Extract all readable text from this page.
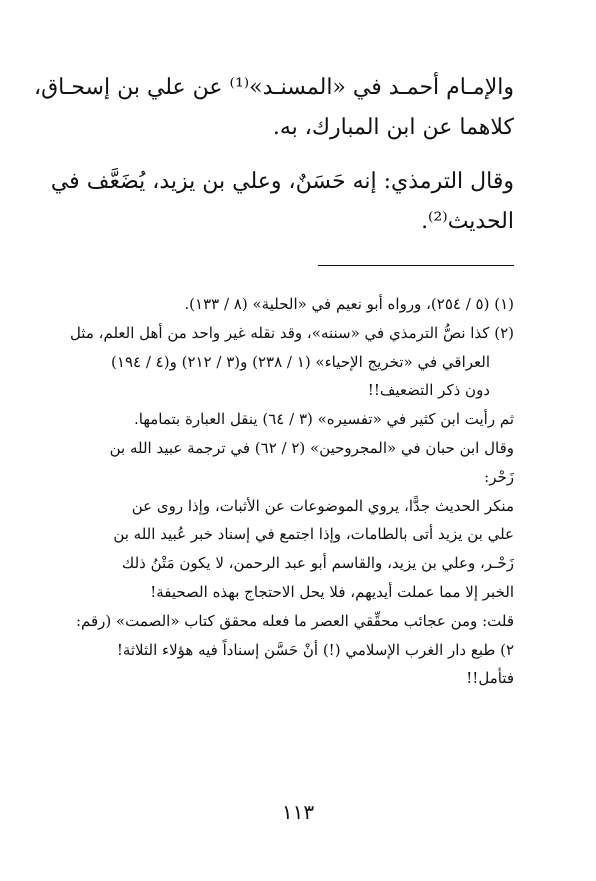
والإمـام أحمـد في «المسنـد»⁽¹⁾ عن علي بن إسحـاق،
كلاهما عن ابن المبارك، به.
وقال الترمذي: إنه حَسَنٌ، وعلي بن يزيد، يُضَعَّف في
الحديث⁽²⁾.
(١) (٥ / ٢٥٤)، ورواه أبو نعيم في «الحلية» (٨ / ١٣٣).
(٢) كذا نصُّ الترمذي في «سننه»، وقد نقله غير واحد من أهل العلم، مثل
العراقي في «تخريج الإحياء» (١ / ٢٣٨) و(٣ / ٢١٢) و(٤ / ١٩٤)
دون ذكر التضعيف!!
ثم رأيت ابن كثير في «تفسيره» (٣ / ٦٤) ينقل العبارة بتمامها.
وقال ابن حبان في «المجروحين» (٢ / ٦٢) في ترجمة عبيد الله بن
زَحْر:
منكر الحديث جدًّا، يروي الموضوعات عن الأثبات، وإذا روى عن
علي بن يزيد أتى بالطامات، وإذا اجتمع في إسناد خبر عُبيد الله بن
زَحْـر، وعلي بن يزيد، والقاسم أبو عبد الرحمن، لا يكون مَتْنُ ذلك
الخبر إلا مما عملت أيديهم، فلا يحل الاحتجاج بهذه الصحيفة!
قلت: ومن عجائب محقِّقي العصر ما فعله محقق كتاب «الصمت» (رقم:
٢) طبع دار الغرب الإسلامي (!) أنْ حَسَّن إسناداً فيه هؤلاء الثلاثة!
فتأمل!!
١١٣
